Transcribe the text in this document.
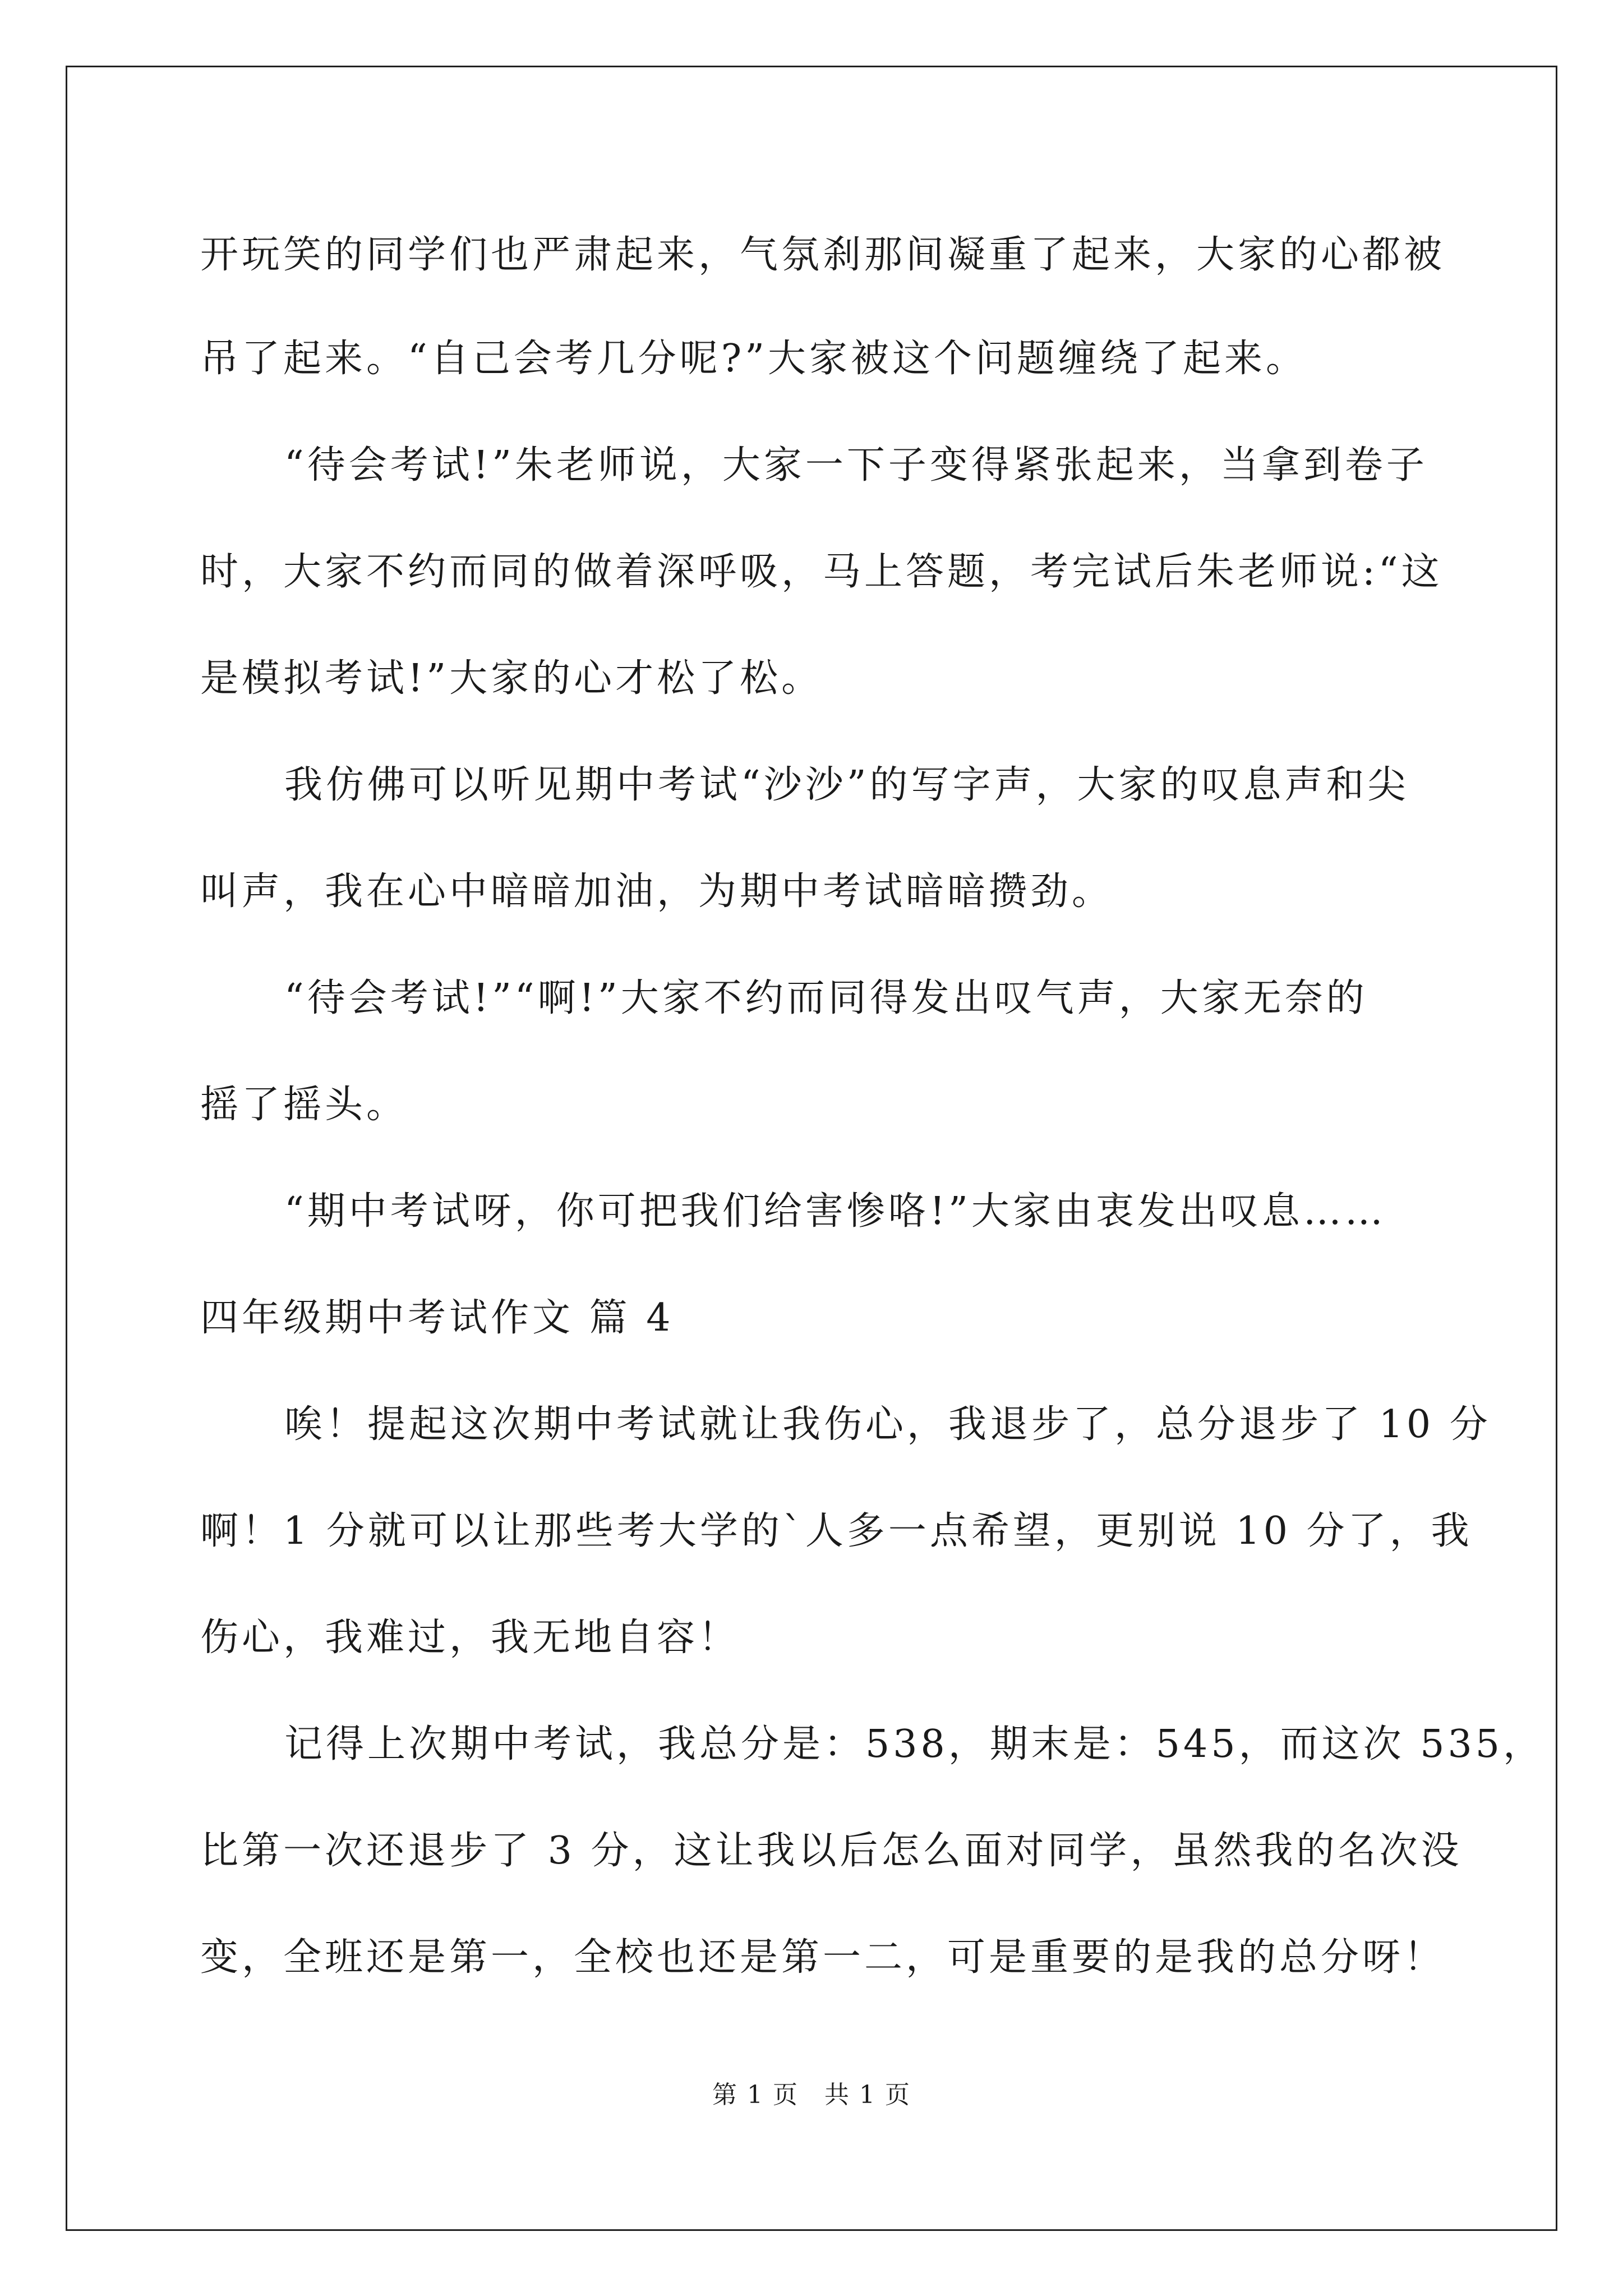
开玩笑的同学们也严肃起来，气氛刹那间凝重了起来，大家的心都被
吊了起来。“自己会考几分呢?”大家被这个问题缠绕了起来。
“待会考试!”朱老师说，大家一下子变得紧张起来，当拿到卷子
时，大家不约而同的做着深呼吸，马上答题，考完试后朱老师说:“这
是模拟考试!”大家的心才松了松。
我仿佛可以听见期中考试“沙沙”的写字声，大家的叹息声和尖
叫声，我在心中暗暗加油，为期中考试暗暗攒劲。
“待会考试!”“啊!”大家不约而同得发出叹气声，大家无奈的
摇了摇头。
“期中考试呀，你可把我们给害惨咯!”大家由衷发出叹息……
四年级期中考试作文 篇 4
唉！提起这次期中考试就让我伤心，我退步了，总分退步了 10 分
啊！1 分就可以让那些考大学的`人多一点希望，更别说 10 分了，我
伤心，我难过，我无地自容！
记得上次期中考试，我总分是：538，期末是：545，而这次 535，
比第一次还退步了 3 分，这让我以后怎么面对同学，虽然我的名次没
变，全班还是第一，全校也还是第一二，可是重要的是我的总分呀！
第 1 页　共 1 页
